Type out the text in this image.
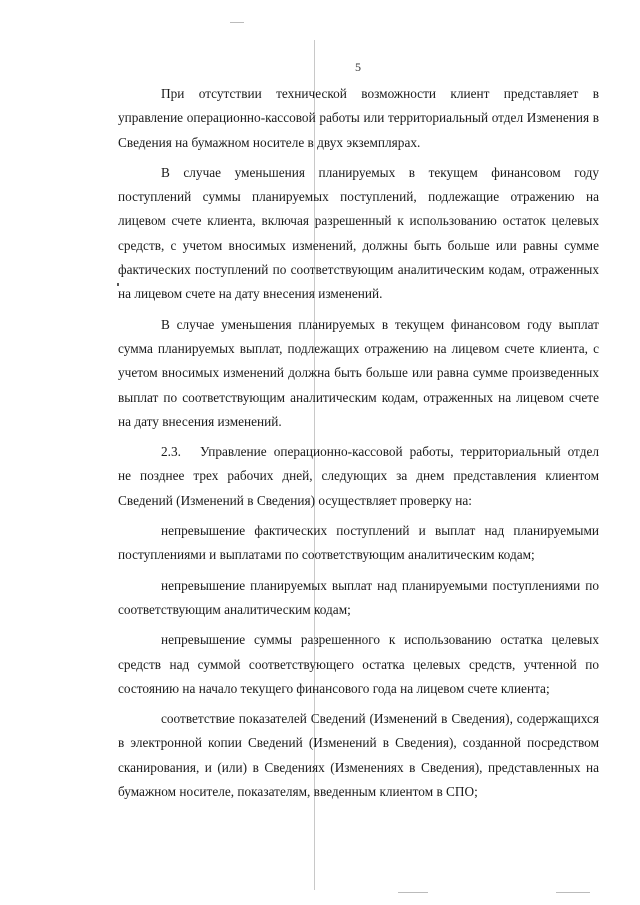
5

При отсутствии технической возможности клиент представляет в управление операционно-кассовой работы или территориальный отдел Изменения в Сведения на бумажном носителе в двух экземплярах.

В случае уменьшения планируемых в текущем финансовом году поступлений суммы планируемых поступлений, подлежащие отражению на лицевом счете клиента, включая разрешенный к использованию остаток целевых средств, с учетом вносимых изменений, должны быть больше или равны сумме фактических поступлений по соответствующим аналитическим кодам, отраженных на лицевом счете на дату внесения изменений.

В случае уменьшения планируемых в текущем финансовом году выплат сумма планируемых выплат, подлежащих отражению на лицевом счете клиента, с учетом вносимых изменений должна быть больше или равна сумме произведенных выплат по соответствующим аналитическим кодам, отраженных на лицевом счете на дату внесения изменений.

2.3. Управление операционно-кассовой работы, территориальный отдел не позднее трех рабочих дней, следующих за днем представления клиентом Сведений (Изменений в Сведения) осуществляет проверку на:

непревышение фактических поступлений и выплат над планируемыми поступлениями и выплатами по соответствующим аналитическим кодам;

непревышение планируемых выплат над планируемыми поступлениями по соответствующим аналитическим кодам;

непревышение суммы разрешенного к использованию остатка целевых средств над суммой соответствующего остатка целевых средств, учтенной по состоянию на начало текущего финансового года на лицевом счете клиента;

соответствие показателей Сведений (Изменений в Сведения), содержащихся в электронной копии Сведений (Изменений в Сведения), созданной посредством сканирования, и (или) в Сведениях (Изменениях в Сведения), представленных на бумажном носителе, показателям, введенным клиентом в СПО;
